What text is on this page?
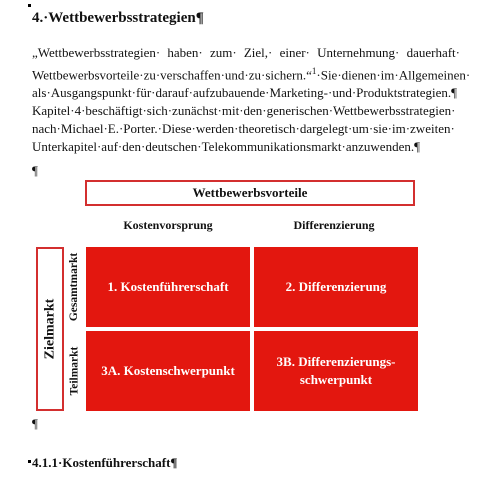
4.·Wettbewerbsstrategien¶
„Wettbewerbsstrategien· haben· zum· Ziel,· einer· Unternehmung· dauerhaft·
Wettbewerbsvorteile·zu·verschaffen·und·zu·sichern.“$^1$·Sie·dienen·im·Allgemeinen·
als·Ausgangspunkt·für·darauf·aufzubauende·Marketing-·und·Produktstrategien.¶
Kapitel·4·beschäftigt·sich·zunächst·mit·den·generischen·Wettbewerbsstrategien·
nach·Michael·E.·Porter.·Diese·werden·theoretisch·dargelegt·um·sie·im·zweiten·
Unterkapitel·auf·den·deutschen·Telekommunikationsmarkt·anzuwenden.¶
¶
Wettbewerbsvorteile
Kostenvorsprung	Differenzierung
Zielmarkt
Gesamtmarkt
Teilmarkt
1. Kostenführerschaft	2. Differenzierung
3A. Kostenschwerpunkt
3B. Differenzierungs-
schwerpunkt
¶
4.1.1·Kostenführerschaft¶
